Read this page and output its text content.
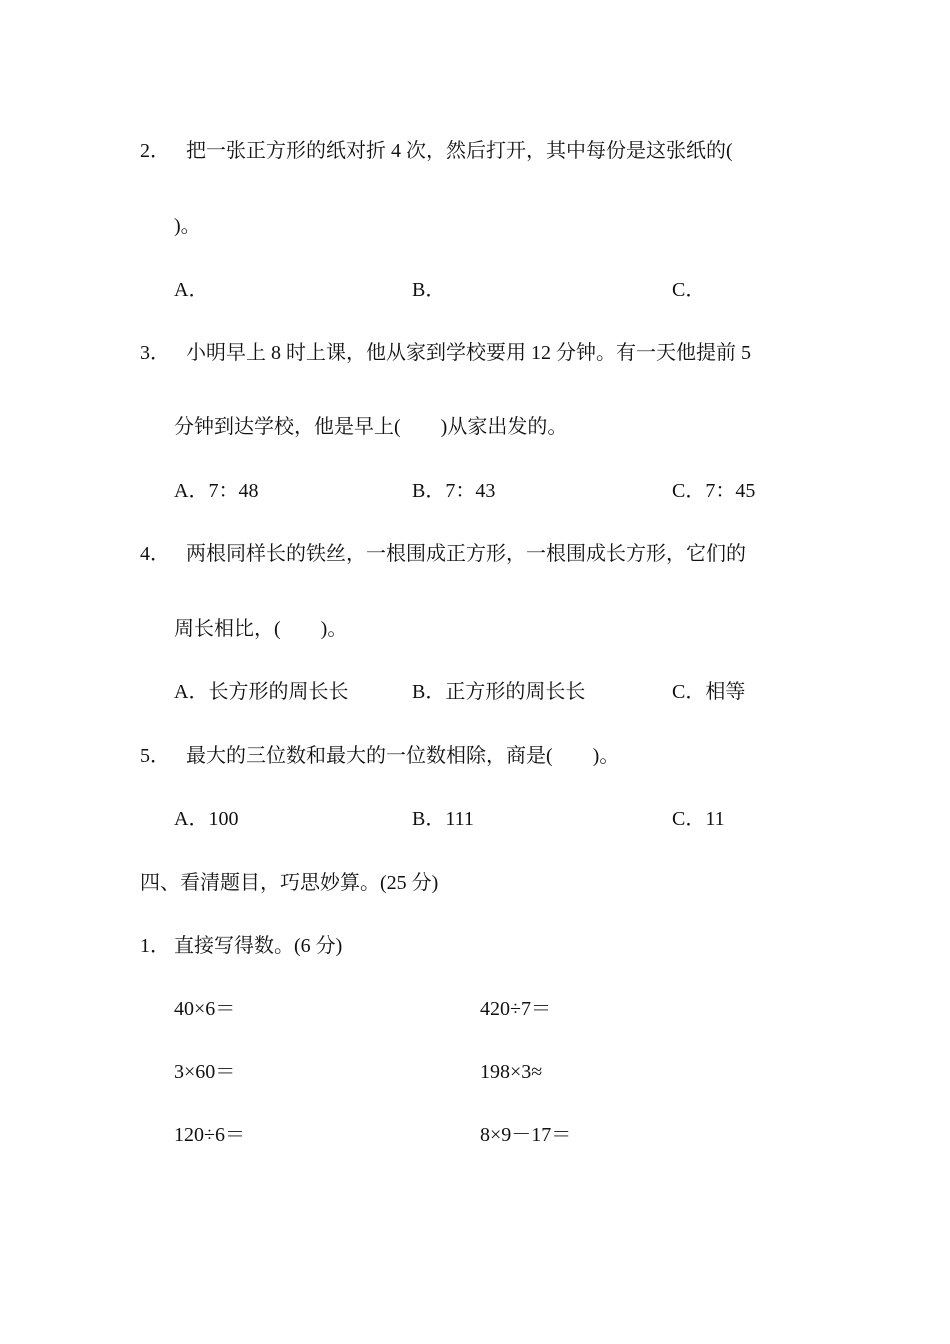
2． 把一张正方形的纸对折 4 次，然后打开，其中每份是这张纸的(
)。
A．	B．	C．
3． 小明早上 8 时上课，他从家到学校要用 12 分钟。有一天他提前 5
分钟到达学校，他是早上(　　)从家出发的。
A．7：48	B．7：43	C．7：45
4． 两根同样长的铁丝，一根围成正方形，一根围成长方形，它们的
周长相比，(　　)。
A．长方形的周长长	B．正方形的周长长	C．相等
5． 最大的三位数和最大的一位数相除，商是(　　)。
A．100	B．111	C．11
四、看清题目，巧思妙算。(25 分)
1． 直接写得数。(6 分)
40×6＝	420÷7＝
3×60＝	198×3≈
120÷6＝	8×9－17＝
